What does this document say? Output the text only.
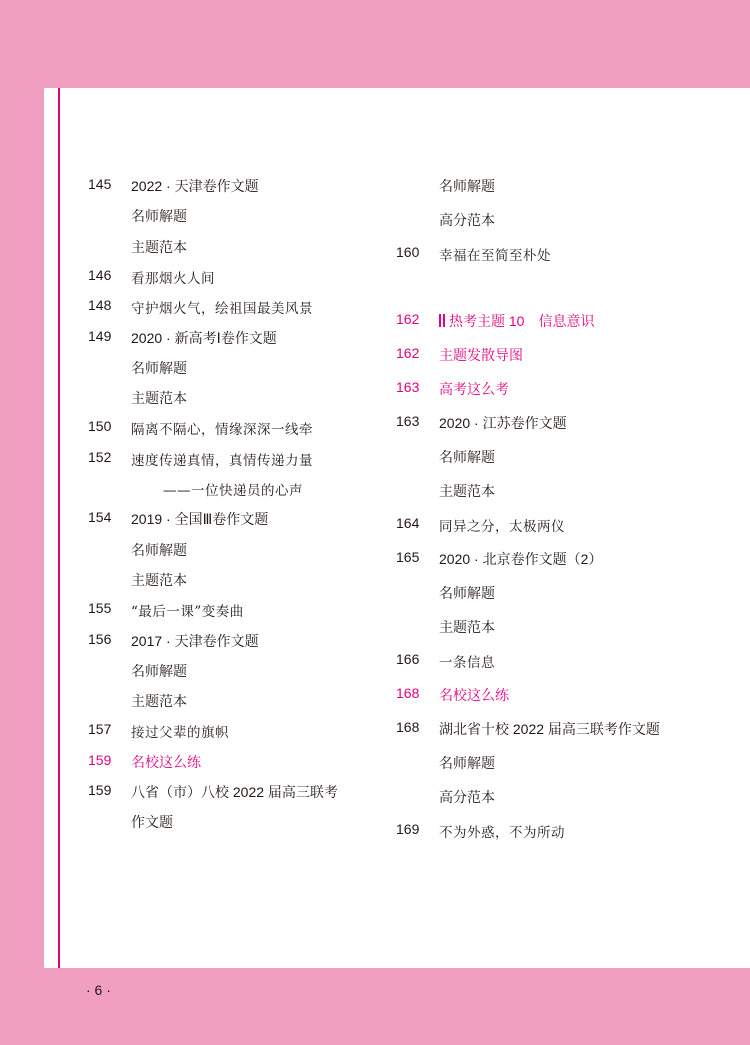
145	2022 · 天津卷作文题
名师解题
主题范本
146	看那烟火人间
148	守护烟火气，绘祖国最美风景
149	2020 · 新高考Ⅰ卷作文题
名师解题
主题范本
150	隔离不隔心，情缘深深一线牵
152	速度传递真情，真情传递力量
——一位快递员的心声
154	2019 · 全国Ⅲ卷作文题
名师解题
主题范本
155	“最后一课”变奏曲
156	2017 · 天津卷作文题
名师解题
主题范本
157	接过父辈的旗帜
159	名校这么练
159	八省（市）八校 2022 届高三联考
作文题
名师解题
高分范本
160	幸福在至简至朴处
162	热考主题 10　信息意识
162	主题发散导图
163	高考这么考
163	2020 · 江苏卷作文题
名师解题
主题范本
164	同异之分，太极两仪
165	2020 · 北京卷作文题（2）
名师解题
主题范本
166	一条信息
168	名校这么练
168	湖北省十校 2022 届高三联考作文题
名师解题
高分范本
169	不为外惑，不为所动
· 6 ·
